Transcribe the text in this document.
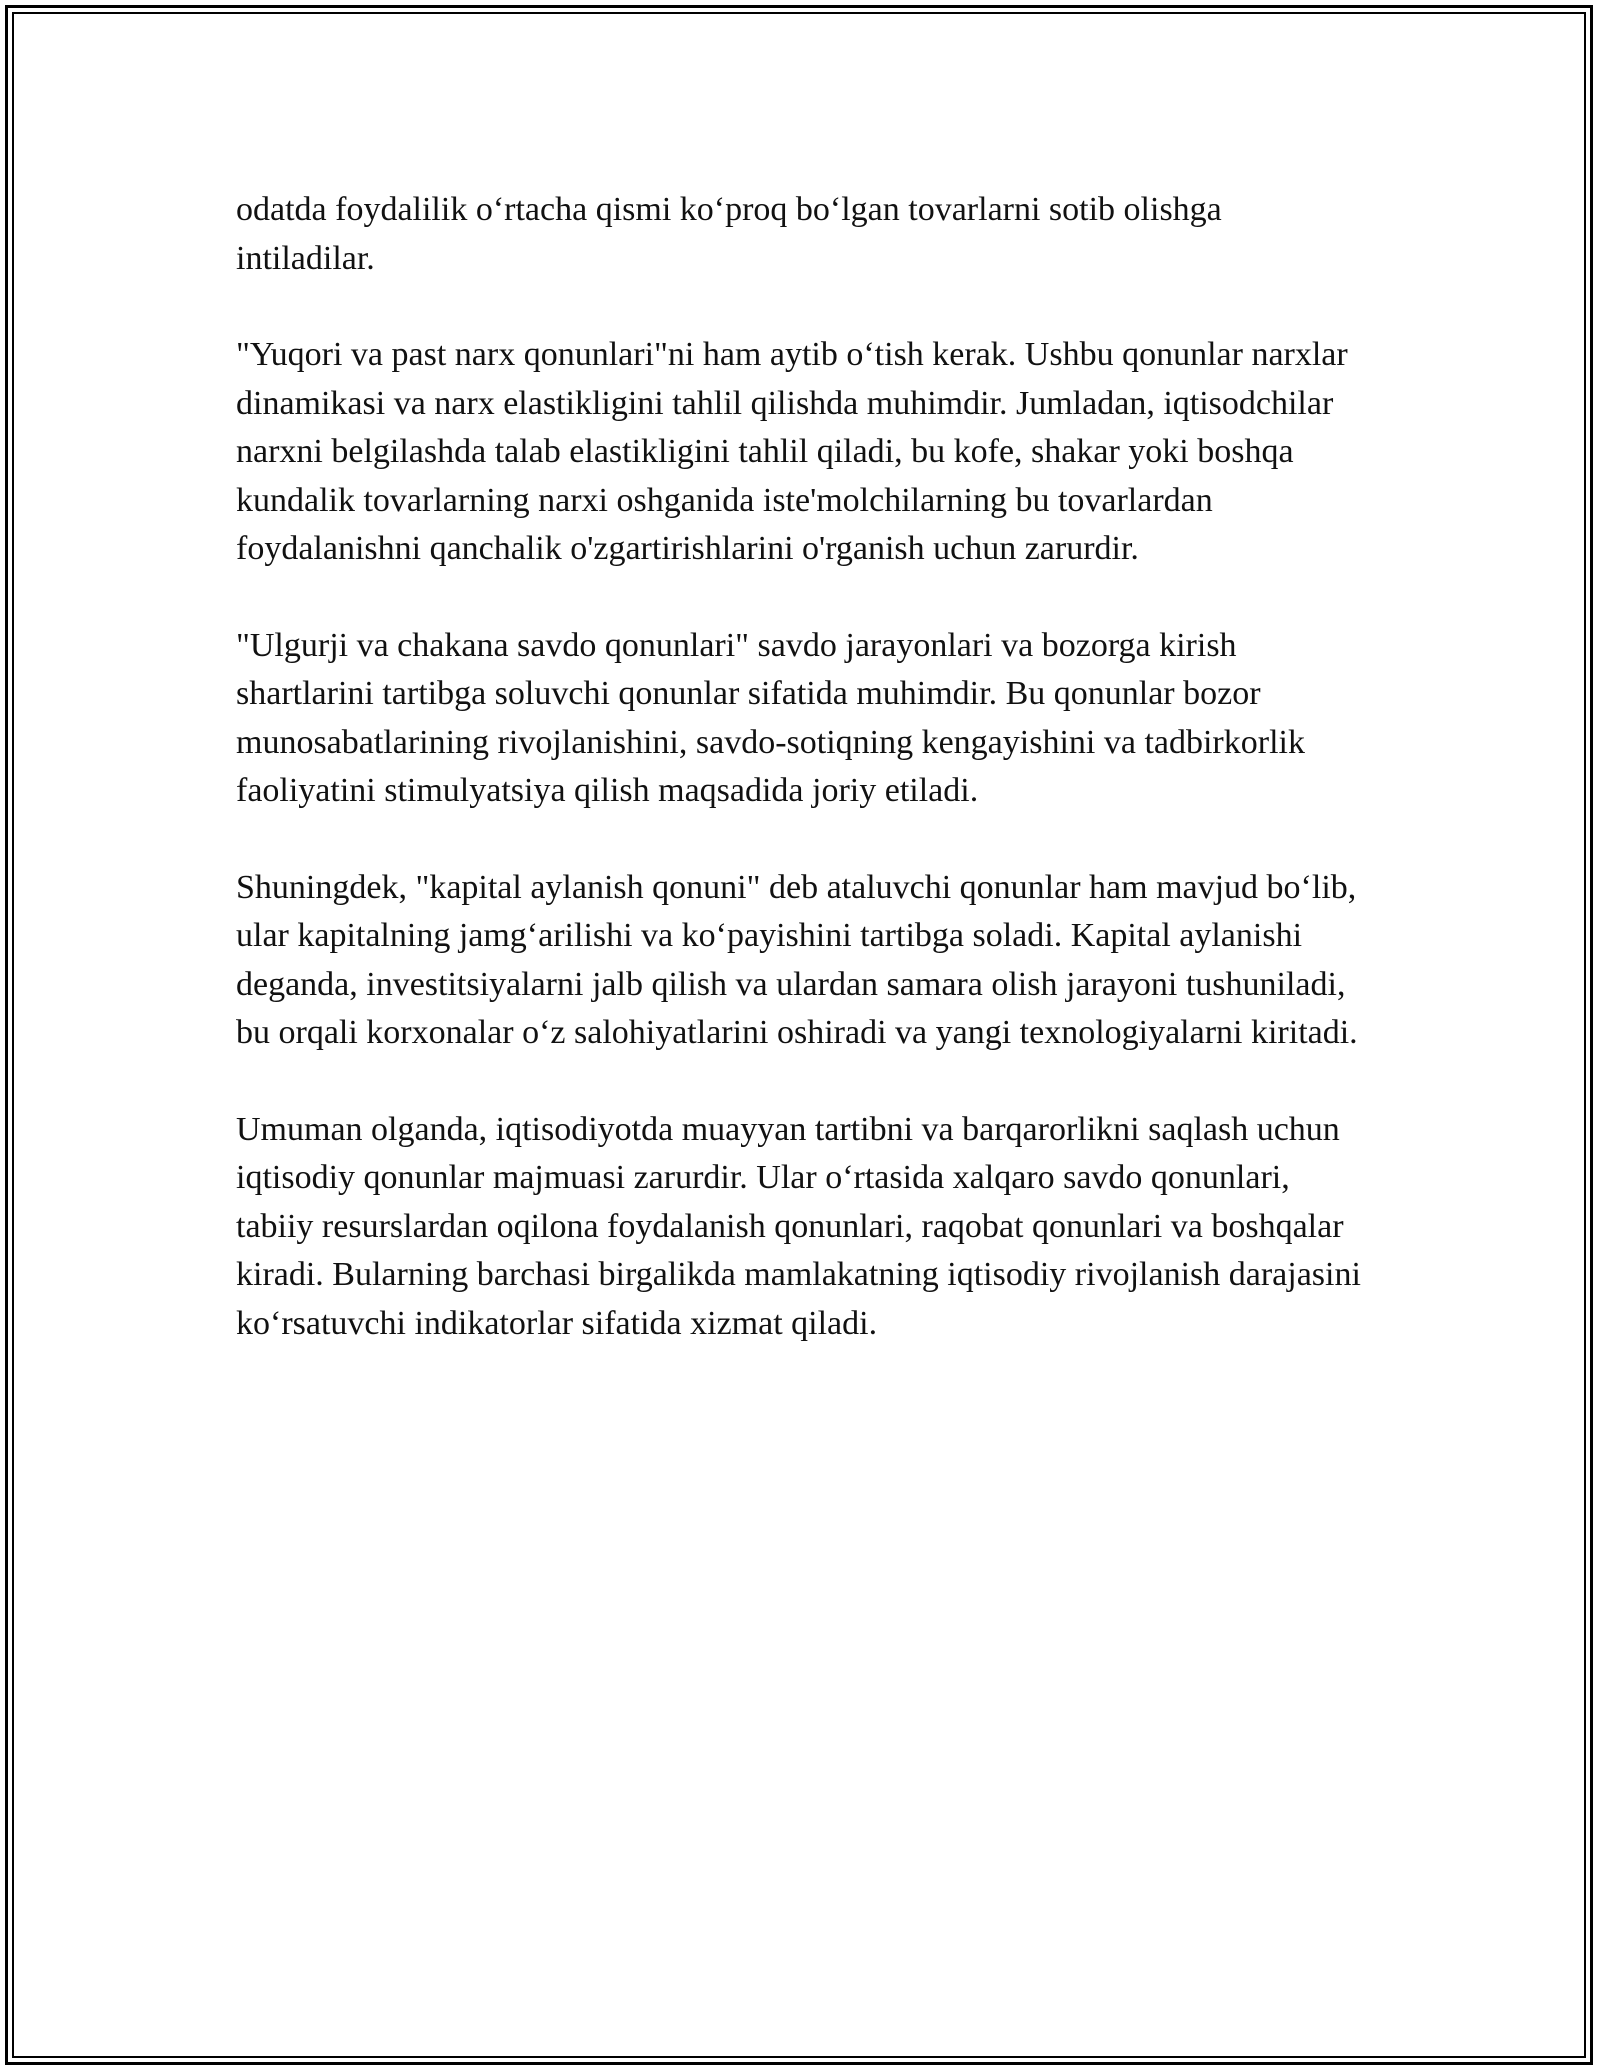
odatda foydalilik o‘rtacha qismi ko‘proq bo‘lgan tovarlarni sotib olishga intiladilar.

"Yuqori va past narx qonunlari"ni ham aytib o‘tish kerak. Ushbu qonunlar narxlar dinamikasi va narx elastikligini tahlil qilishda muhimdir. Jumladan, iqtisodchilar narxni belgilashda talab elastikligini tahlil qiladi, bu kofe, shakar yoki boshqa kundalik tovarlarning narxi oshganida iste'molchilarning bu tovarlardan foydalanishni qanchalik o'zgartirishlarini o'rganish uchun zarurdir.

"Ulgurji va chakana savdo qonunlari" savdo jarayonlari va bozorga kirish shartlarini tartibga soluvchi qonunlar sifatida muhimdir. Bu qonunlar bozor munosabatlarining rivojlanishini, savdo-sotiqning kengayishini va tadbirkorlik faoliyatini stimulyatsiya qilish maqsadida joriy etiladi.

Shuningdek, "kapital aylanish qonuni" deb ataluvchi qonunlar ham mavjud bo‘lib, ular kapitalning jamg‘arilishi va ko‘payishini tartibga soladi. Kapital aylanishi deganda, investitsiyalarni jalb qilish va ulardan samara olish jarayoni tushuniladi, bu orqali korxonalar o‘z salohiyatlarini oshiradi va yangi texnologiyalarni kiritadi.

Umuman olganda, iqtisodiyotda muayyan tartibni va barqarorlikni saqlash uchun iqtisodiy qonunlar majmuasi zarurdir. Ular o‘rtasida xalqaro savdo qonunlari, tabiiy resurslardan oqilona foydalanish qonunlari, raqobat qonunlari va boshqalar kiradi. Bularning barchasi birgalikda mamlakatning iqtisodiy rivojlanish darajasini ko‘rsatuvchi indikatorlar sifatida xizmat qiladi.
